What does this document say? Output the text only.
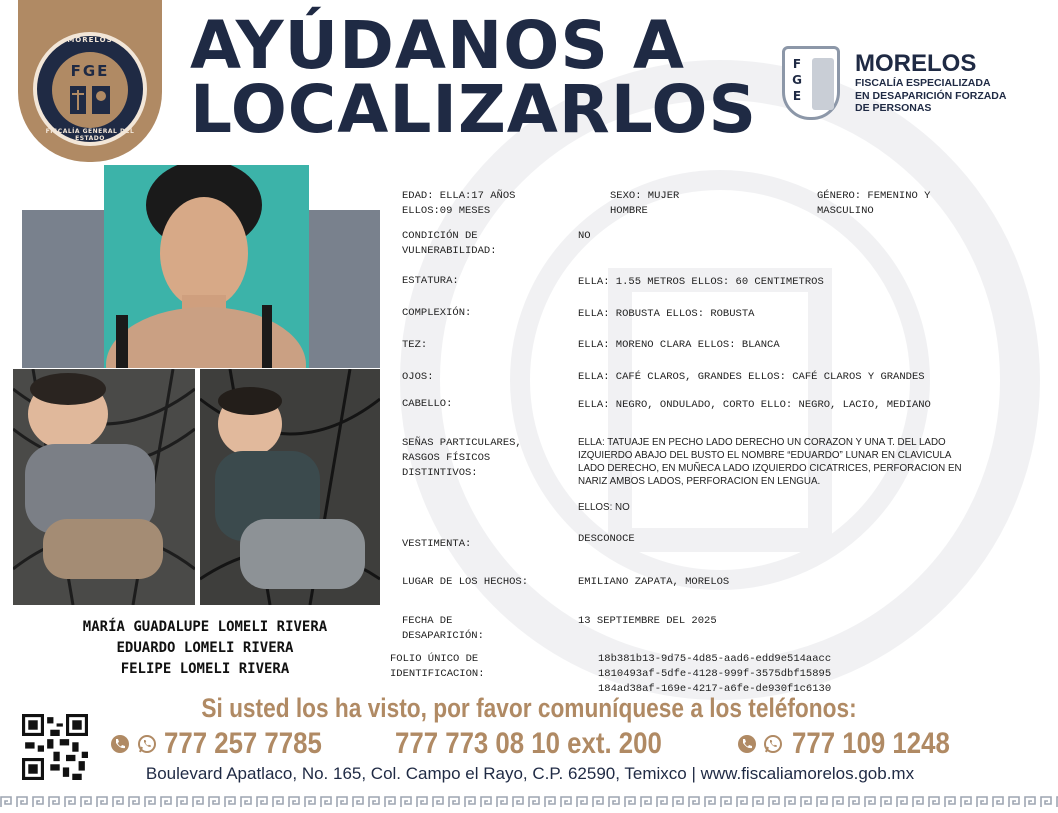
MORELOS
FGE
FISCALÍA GENERAL DEL ESTADO
AYÚDANOS A
LOCALIZARLOS
F
G
E
MORELOS
FISCALÍA ESPECIALIZADA
EN DESAPARICIÓN FORZADA
DE PERSONAS
MARÍA GUADALUPE LOMELI RIVERA
EDUARDO LOMELI RIVERA
FELIPE LOMELI RIVERA
EDAD: ELLA:17 AÑOS
ELLOS:09 MESES
SEXO: MUJER
HOMBRE
GÉNERO: FEMENINO Y
MASCULINO
CONDICIÓN DE
VULNERABILIDAD:
NO
ESTATURA:	ELLA: 1.55 METROS ELLOS: 60 CENTIMETROS
COMPLEXIÓN:	ELLA: ROBUSTA ELLOS: ROBUSTA
TEZ:	ELLA: MORENO CLARA ELLOS: BLANCA
OJOS:	ELLA: CAFÉ CLAROS, GRANDES ELLOS: CAFÉ CLAROS Y GRANDES
CABELLO:	ELLA: NEGRO, ONDULADO, CORTO ELLO: NEGRO, LACIO, MEDIANO
SEÑAS PARTICULARES,
RASGOS FÍSICOS
DISTINTIVOS:
ELLA: TATUAJE EN PECHO LADO DERECHO UN CORAZON Y UNA T. DEL LADO
IZQUIERDO ABAJO DEL BUSTO EL NOMBRE “EDUARDO” LUNAR EN CLAVICULA
LADO DERECHO, EN MUÑECA LADO IZQUIERDO CICATRICES, PERFORACION EN
NARIZ AMBOS LADOS, PERFORACION EN LENGUA.
ELLOS: NO
VESTIMENTA:	DESCONOCE
LUGAR DE LOS HECHOS:	EMILIANO ZAPATA, MORELOS
FECHA DE
DESAPARICIÓN:
13 SEPTIEMBRE DEL 2025
FOLIO ÚNICO DE
IDENTIFICACION:
18b381b13-9d75-4d85-aad6-edd9e514aacc
1810493af-5dfe-4128-999f-3575dbf15895
184ad38af-169e-4217-a6fe-de930f1c6130
Si usted los ha visto, por favor comuníquese a los teléfonos:
777 257 7785 777 773 08 10 ext. 200	777 109 1248
Boulevard Apatlaco, No. 165, Col. Campo el Rayo, C.P. 62590, Temixco | www.fiscaliamorelos.gob.mx
